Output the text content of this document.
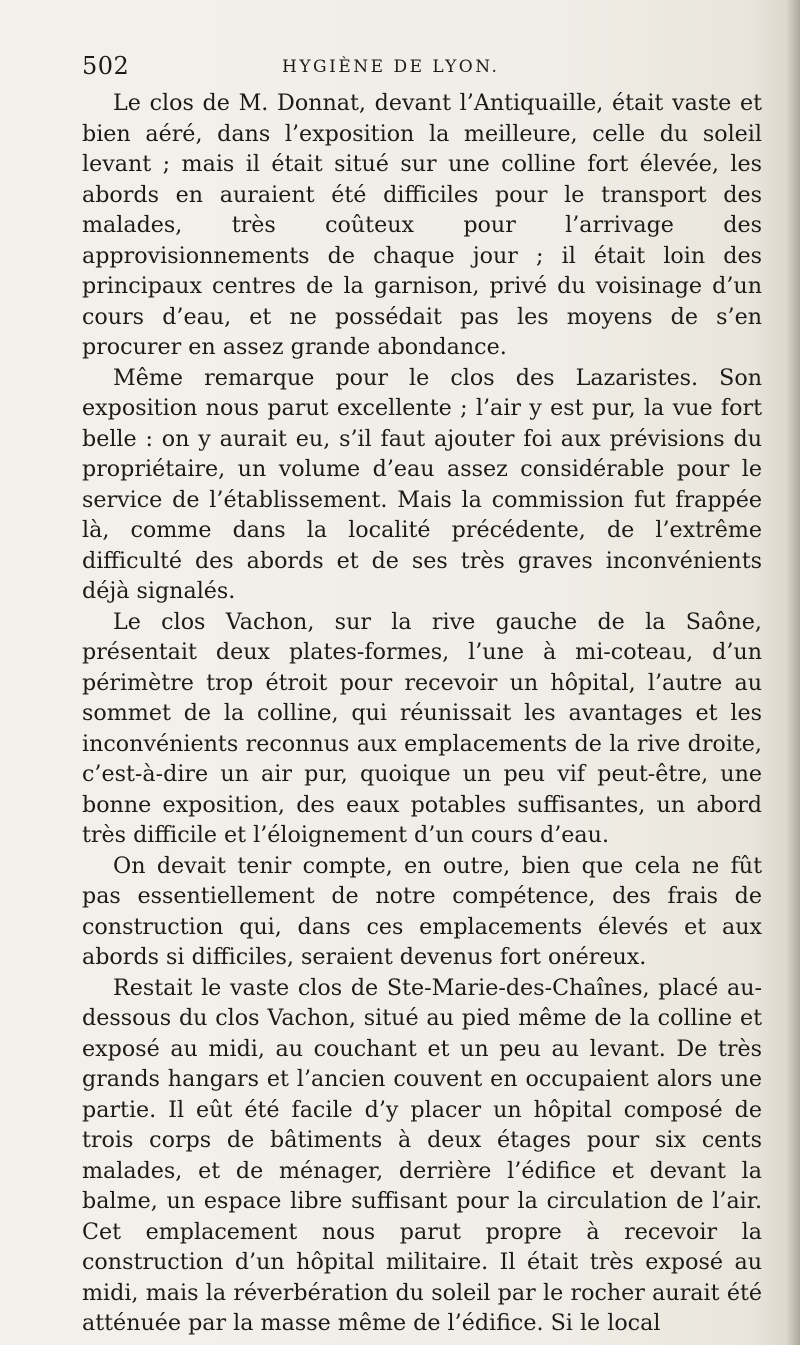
502	HYGIÈNE DE LYON.

Le clos de M. Donnat, devant l’Antiquaille, était vaste et bien aéré, dans l’exposition la meilleure, celle du soleil levant ; mais il était situé sur une colline fort élevée, les abords en auraient été difficiles pour le transport des malades, très coûteux pour l’arrivage des approvisionnements de chaque jour ; il était loin des principaux centres de la garnison, privé du voisinage d’un cours d’eau, et ne possédait pas les moyens de s’en procurer en assez grande abondance.

Même remarque pour le clos des Lazaristes. Son exposition nous parut excellente ; l’air y est pur, la vue fort belle : on y aurait eu, s’il faut ajouter foi aux prévisions du propriétaire, un volume d’eau assez considérable pour le service de l’établissement. Mais la commission fut frappée là, comme dans la localité précédente, de l’extrême difficulté des abords et de ses très graves inconvénients déjà signalés.

Le clos Vachon, sur la rive gauche de la Saône, présentait deux plates-formes, l’une à mi-coteau, d’un périmètre trop étroit pour recevoir un hôpital, l’autre au sommet de la colline, qui réunissait les avantages et les inconvénients reconnus aux emplacements de la rive droite, c’est-à-dire un air pur, quoique un peu vif peut-être, une bonne exposition, des eaux potables suffisantes, un abord très difficile et l’éloignement d’un cours d’eau.

On devait tenir compte, en outre, bien que cela ne fût pas essentiellement de notre compétence, des frais de construction qui, dans ces emplacements élevés et aux abords si difficiles, seraient devenus fort onéreux.

Restait le vaste clos de Ste-Marie-des-Chaînes, placé au-dessous du clos Vachon, situé au pied même de la colline et exposé au midi, au couchant et un peu au levant. De très grands hangars et l’ancien couvent en occupaient alors une partie. Il eût été facile d’y placer un hôpital composé de trois corps de bâtiments à deux étages pour six cents malades, et de ménager, derrière l’édifice et devant la balme, un espace libre suffisant pour la circulation de l’air. Cet emplacement nous parut propre à recevoir la construction d’un hôpital militaire. Il était très exposé au midi, mais la réverbération du soleil par le rocher aurait été atténuée par la masse même de l’édifice. Si le local
